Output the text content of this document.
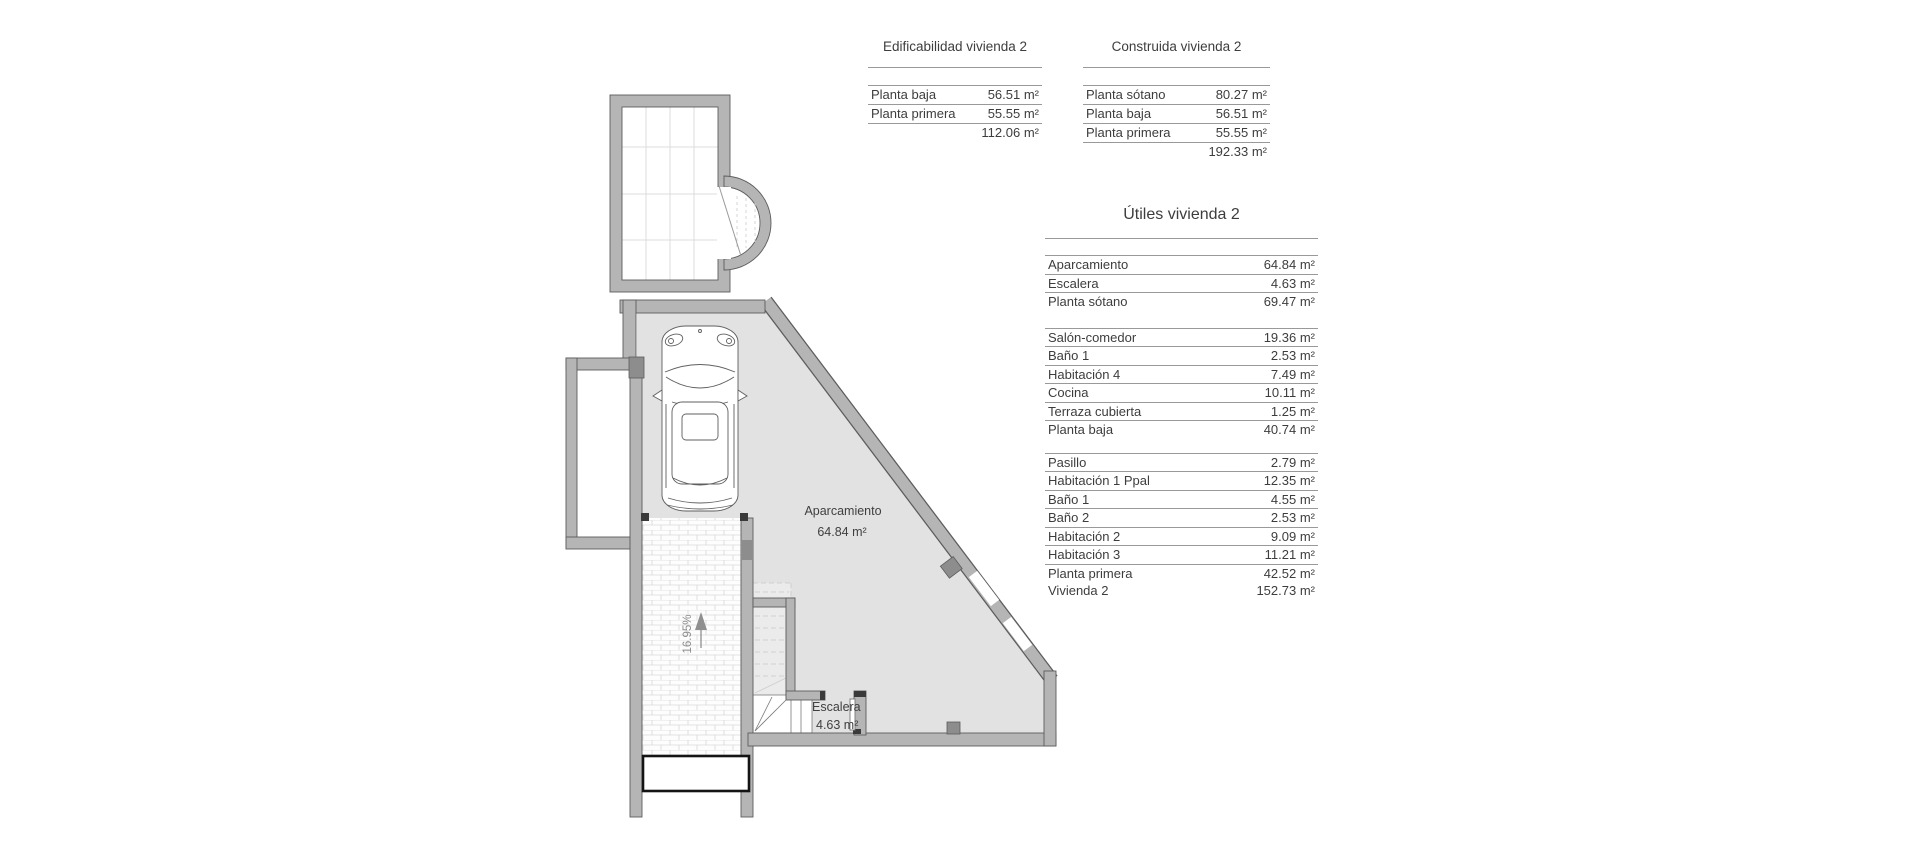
16.95%
Aparcamiento
64.84 m²
Escalera
4.63 m²
Edificabilidad vivienda 2
Planta baja	56.51 m²
Planta primera 55.55 m²
112.06 m²
Construida vivienda 2
Planta sótano	80.27 m²
Planta baja	56.51 m²
Planta primera	55.55 m²
192.33 m²
Útiles vivienda 2
Aparcamiento	64.84 m²
Escalera	4.63 m²
Planta sótano	69.47 m²
Salón-comedor	19.36 m²
Baño 1	2.53 m²
Habitación 4	7.49 m²
Cocina	10.11 m²
Terraza cubierta	1.25 m²
Planta baja	40.74 m²
Pasillo	2.79 m²
Habitación 1 Ppal	12.35 m²
Baño 1	4.55 m²
Baño 2	2.53 m²
Habitación 2	9.09 m²
Habitación 3	11.21 m²
Planta primera	42.52 m²
Vivienda 2	152.73 m²
